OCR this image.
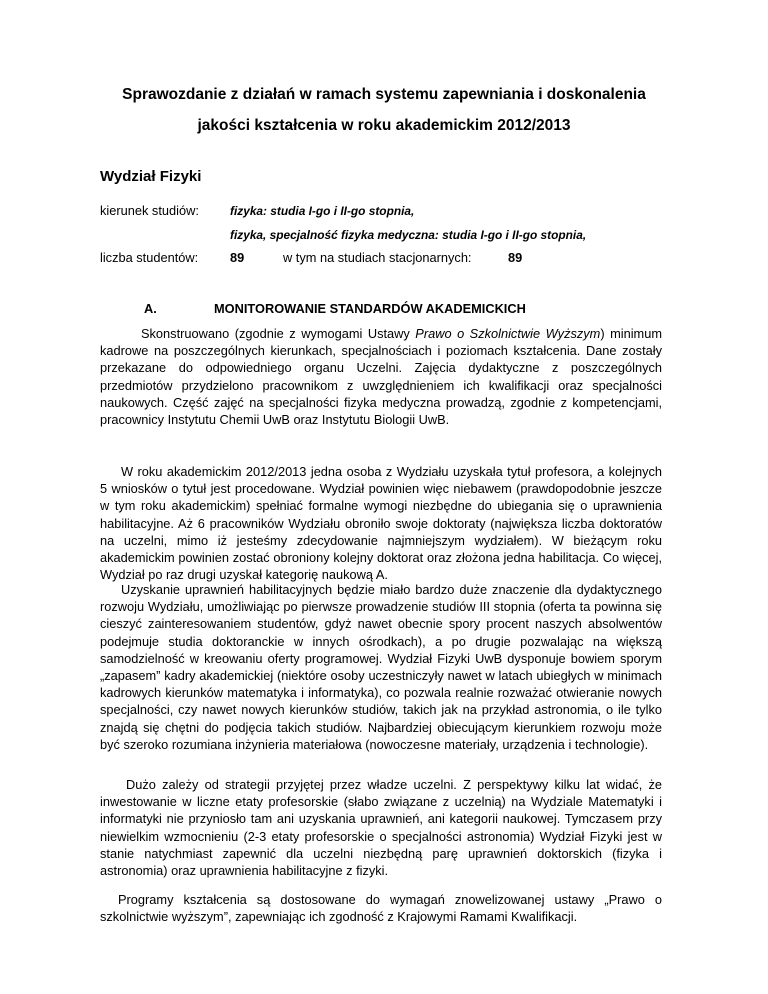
Sprawozdanie z działań w ramach systemu zapewniania i doskonalenia
jakości kształcenia w roku akademickim 2012/2013
Wydział Fizyki
kierunek studiów:	fizyka: studia I-go i II-go stopnia,
fizyka, specjalność fizyka medyczna: studia I-go i II-go stopnia,
liczba studentów: 89	w tym na studiach stacjonarnych:	89
A.	MONITOROWANIE STANDARDÓW AKADEMICKICH

Skonstruowano (zgodnie z wymogami Ustawy Prawo o Szkolnictwie Wyższym) minimum kadrowe na poszczególnych kierunkach, specjalnościach i poziomach kształcenia. Dane zostały przekazane do odpowiedniego organu Uczelni. Zajęcia dydaktyczne z poszczególnych przedmiotów przydzielono pracownikom z uwzględnieniem ich kwalifikacji oraz specjalności naukowych. Część zajęć na specjalności fizyka medyczna prowadzą, zgodnie z kompetencjami, pracownicy Instytutu Chemii UwB oraz Instytutu Biologii UwB.

W roku akademickim 2012/2013 jedna osoba z Wydziału uzyskała tytuł profesora, a kolejnych 5 wniosków o tytuł jest procedowane. Wydział powinien więc niebawem (prawdopodobnie jeszcze w tym roku akademickim) spełniać formalne wymogi niezbędne do ubiegania się o uprawnienia habilitacyjne. Aż 6 pracowników Wydziału obroniło swoje doktoraty (największa liczba doktoratów na uczelni, mimo iż jesteśmy zdecydowanie najmniejszym wydziałem). W bieżącym roku akademickim powinien zostać obroniony kolejny doktorat oraz złożona jedna habilitacja. Co więcej, Wydział po raz drugi uzyskał kategorię naukową A.

Uzyskanie uprawnień habilitacyjnych będzie miało bardzo duże znaczenie dla dydaktycznego rozwoju Wydziału, umożliwiając po pierwsze prowadzenie studiów III stopnia (oferta ta powinna się cieszyć zainteresowaniem studentów, gdyż nawet obecnie spory procent naszych absolwentów podejmuje studia doktoranckie w innych ośrodkach), a po drugie pozwalając na większą samodzielność w kreowaniu oferty programowej. Wydział Fizyki UwB dysponuje bowiem sporym „zapasem” kadry akademickiej (niektóre osoby uczestniczyły nawet w latach ubiegłych w minimach kadrowych kierunków matematyka i informatyka), co pozwala realnie rozważać otwieranie nowych specjalności, czy nawet nowych kierunków studiów, takich jak na przykład astronomia, o ile tylko znajdą się chętni do podjęcia takich studiów. Najbardziej obiecującym kierunkiem rozwoju może być szeroko rozumiana inżynieria materiałowa (nowoczesne materiały, urządzenia i technologie).

Dużo zależy od strategii przyjętej przez władze uczelni. Z perspektywy kilku lat widać, że inwestowanie w liczne etaty profesorskie (słabo związane z uczelnią) na Wydziale Matematyki i informatyki nie przyniosło tam ani uzyskania uprawnień, ani kategorii naukowej. Tymczasem przy niewielkim wzmocnieniu (2-3 etaty profesorskie o specjalności astronomia) Wydział Fizyki jest w stanie natychmiast zapewnić dla uczelni niezbędną parę uprawnień doktorskich (fizyka i astronomia) oraz uprawnienia habilitacyjne z fizyki.

Programy kształcenia są dostosowane do wymagań znowelizowanej ustawy „Prawo o szkolnictwie wyższym”, zapewniając ich zgodność z Krajowymi Ramami Kwalifikacji.
